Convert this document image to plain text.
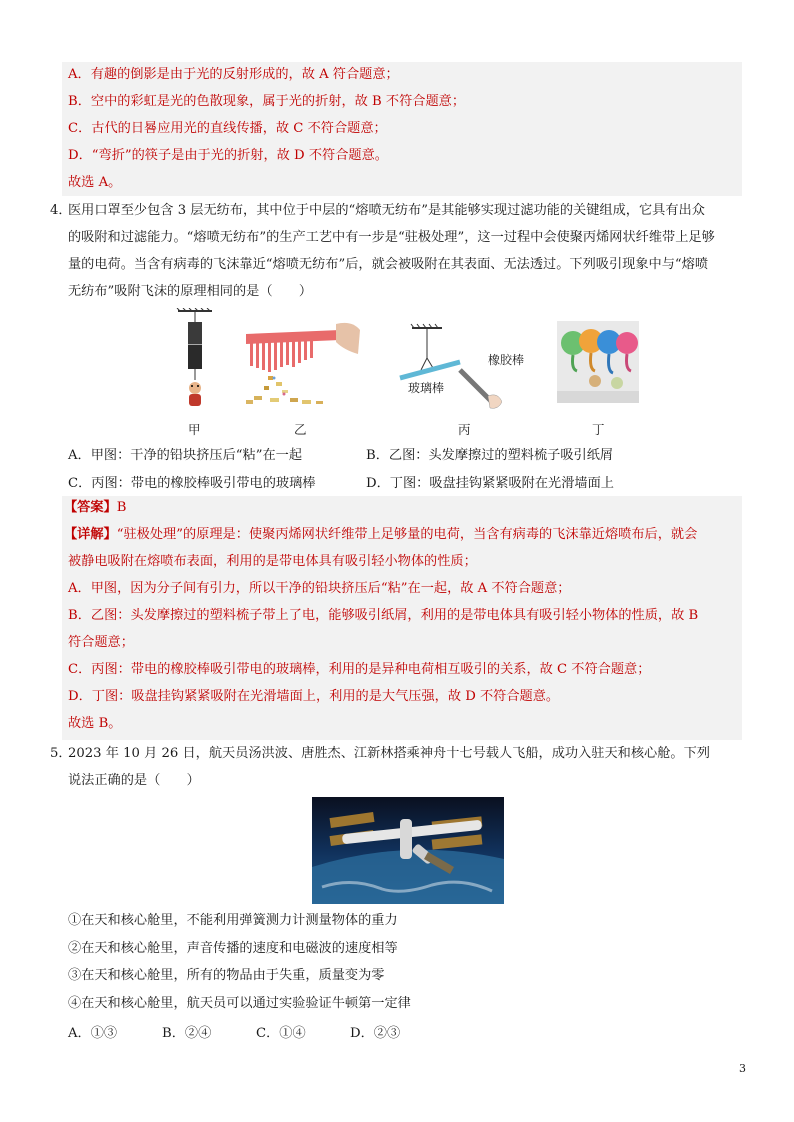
A．有趣的倒影是由于光的反射形成的，故 A 符合题意；
B．空中的彩虹是光的色散现象，属于光的折射，故 B 不符合题意；
C．古代的日晷应用光的直线传播，故 C 不符合题意；
D．“弯折”的筷子是由于光的折射，故 D 不符合题意。
故选 A。
4．
医用口罩至少包含 3 层无纺布，其中位于中层的“熔喷无纺布”是其能够实现过滤功能的关键组成，它具有出众
的吸附和过滤能力。“熔喷无纺布”的生产工艺中有一步是“驻极处理”，这一过程中会使聚丙烯网状纤维带上足够
量的电荷。当含有病毒的飞沫靠近“熔喷无纺布”后，就会被吸附在其表面、无法透过。下列吸引现象中与“熔喷
无纺布”吸附飞沫的原理相同的是（　　）
甲	乙
橡胶棒
玻璃棒
丙	丁
A．甲图：干净的铅块挤压后“粘”在一起	B．乙图：头发摩擦过的塑料梳子吸引纸屑
C．丙图：带电的橡胶棒吸引带电的玻璃棒	D．丁图：吸盘挂钩紧紧吸附在光滑墙面上
【答案】B
【详解】“驻极处理”的原理是：使聚丙烯网状纤维带上足够量的电荷，当含有病毒的飞沫靠近熔喷布后，就会
被静电吸附在熔喷布表面，利用的是带电体具有吸引轻小物体的性质；
A．甲图，因为分子间有引力，所以干净的铅块挤压后“粘”在一起，故 A 不符合题意；
B．乙图：头发摩擦过的塑料梳子带上了电，能够吸引纸屑，利用的是带电体具有吸引轻小物体的性质，故 B
符合题意；
C．丙图：带电的橡胶棒吸引带电的玻璃棒，利用的是异种电荷相互吸引的关系，故 C 不符合题意；
D．丁图：吸盘挂钩紧紧吸附在光滑墙面上，利用的是大气压强，故 D 不符合题意。
故选 B。
5．
2023 年 10 月 26 日，航天员汤洪波、唐胜杰、江新林搭乘神舟十七号载人飞船，成功入驻天和核心舱。下列
说法正确的是（　　）
①在天和核心舱里，不能利用弹簧测力计测量物体的重力
②在天和核心舱里，声音传播的速度和电磁波的速度相等
③在天和核心舱里，所有的物品由于失重，质量变为零
④在天和核心舱里，航天员可以通过实验验证牛顿第一定律
A．①③	B．②④	C．①④	D．②③
3
